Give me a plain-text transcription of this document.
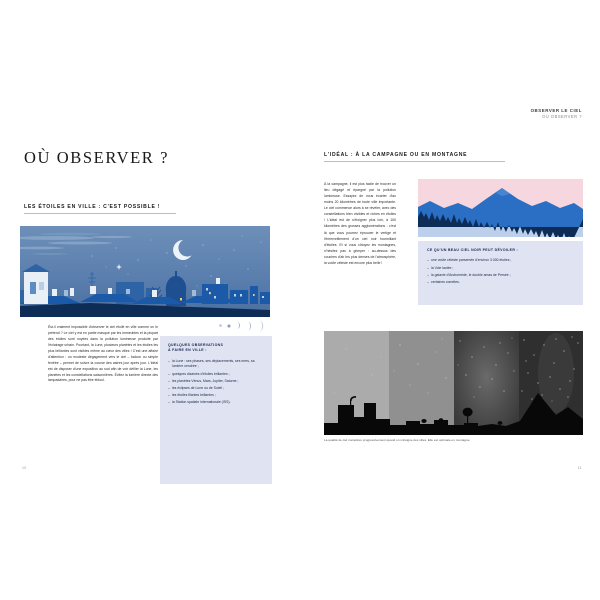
OÙ OBSERVER ?
LES ÉTOILES EN VILLE : C'EST POSSIBLE !

Ést-il vraiment impossible d'observer le ciel étoilé en ville comme on le prétend ? Le ciel y est en partie masqué par les immeubles et la plupart des étoiles sont noyées dans la pollution lumineuse produite par l'éclairage urbain. Pourtant, la Lune, plusieurs planètes et les étoiles les plus brillantes sont visibles même au cœur des villes ! C'est une affaire d'attention : un modeste dégagement vers le ciel – balcon ou simple fenêtre – permet de suivre la course des astres jour après jour. L'idéal est de disposer d'une exposition au sud afin de voir défiler la Lune, les planètes et les constellations saisonnières. Évitez la lumière directe des lampadaires, pour ne pas être éblouî.

QUELQUES OBSERVATIONS
À FAIRE EN VILLE :
– la Lune : ses phases, ses déplacements, ses mers, sa lumière cendrée ;
– quelques dizaines d'étoiles brillantes ;
– les planètes Vénus, Mars, Jupiter, Saturne ;
– les éclipses de Lune ou de Soleil ;
– les étoiles filantes brillantes ;
– la Station spatiale internationale (ISS).
10
OBSERVER LE CIEL
OÙ OBSERVER ?
L'IDÉAL : À LA CAMPAGNE OU EN MONTAGNE

À la campagne, il est plus facile de trouver un lieu dégagé et épargné par la pollution lumineuse. Essayez de vous écarter d'au moins 20 kilomètres de toute ville importante. Le ciel commence alors à se révéler, avec des constellations bien visibles et riches en étoiles ! L'idéal est de s'éloigner plus loin, à 100 kilomètres des grosses agglomérations : c'est là que vous pourrez éprouver le vertige et l'émerveillement d'un ciel noir fourmillant d'étoiles. Et si vous côtoyez les montagnes, n'hésitez pas à grimper : au-dessus des couches d'air les plus denses de l'atmosphère, la voûte céleste est encore plus belle !

CE QU'UN BEAU CIEL NOIR PEUT DÉVOILER :
– une voûte céleste parsemée d'environ 3 000 étoiles ;
– la Voie lactée ;
– la galaxie d'Andromède, le double amas de Persée ;
– certaines comètes.
La qualité de ciel s'améliore progressivement quand on s'éloigne des villes. Elle est optimale en montagne.
11
